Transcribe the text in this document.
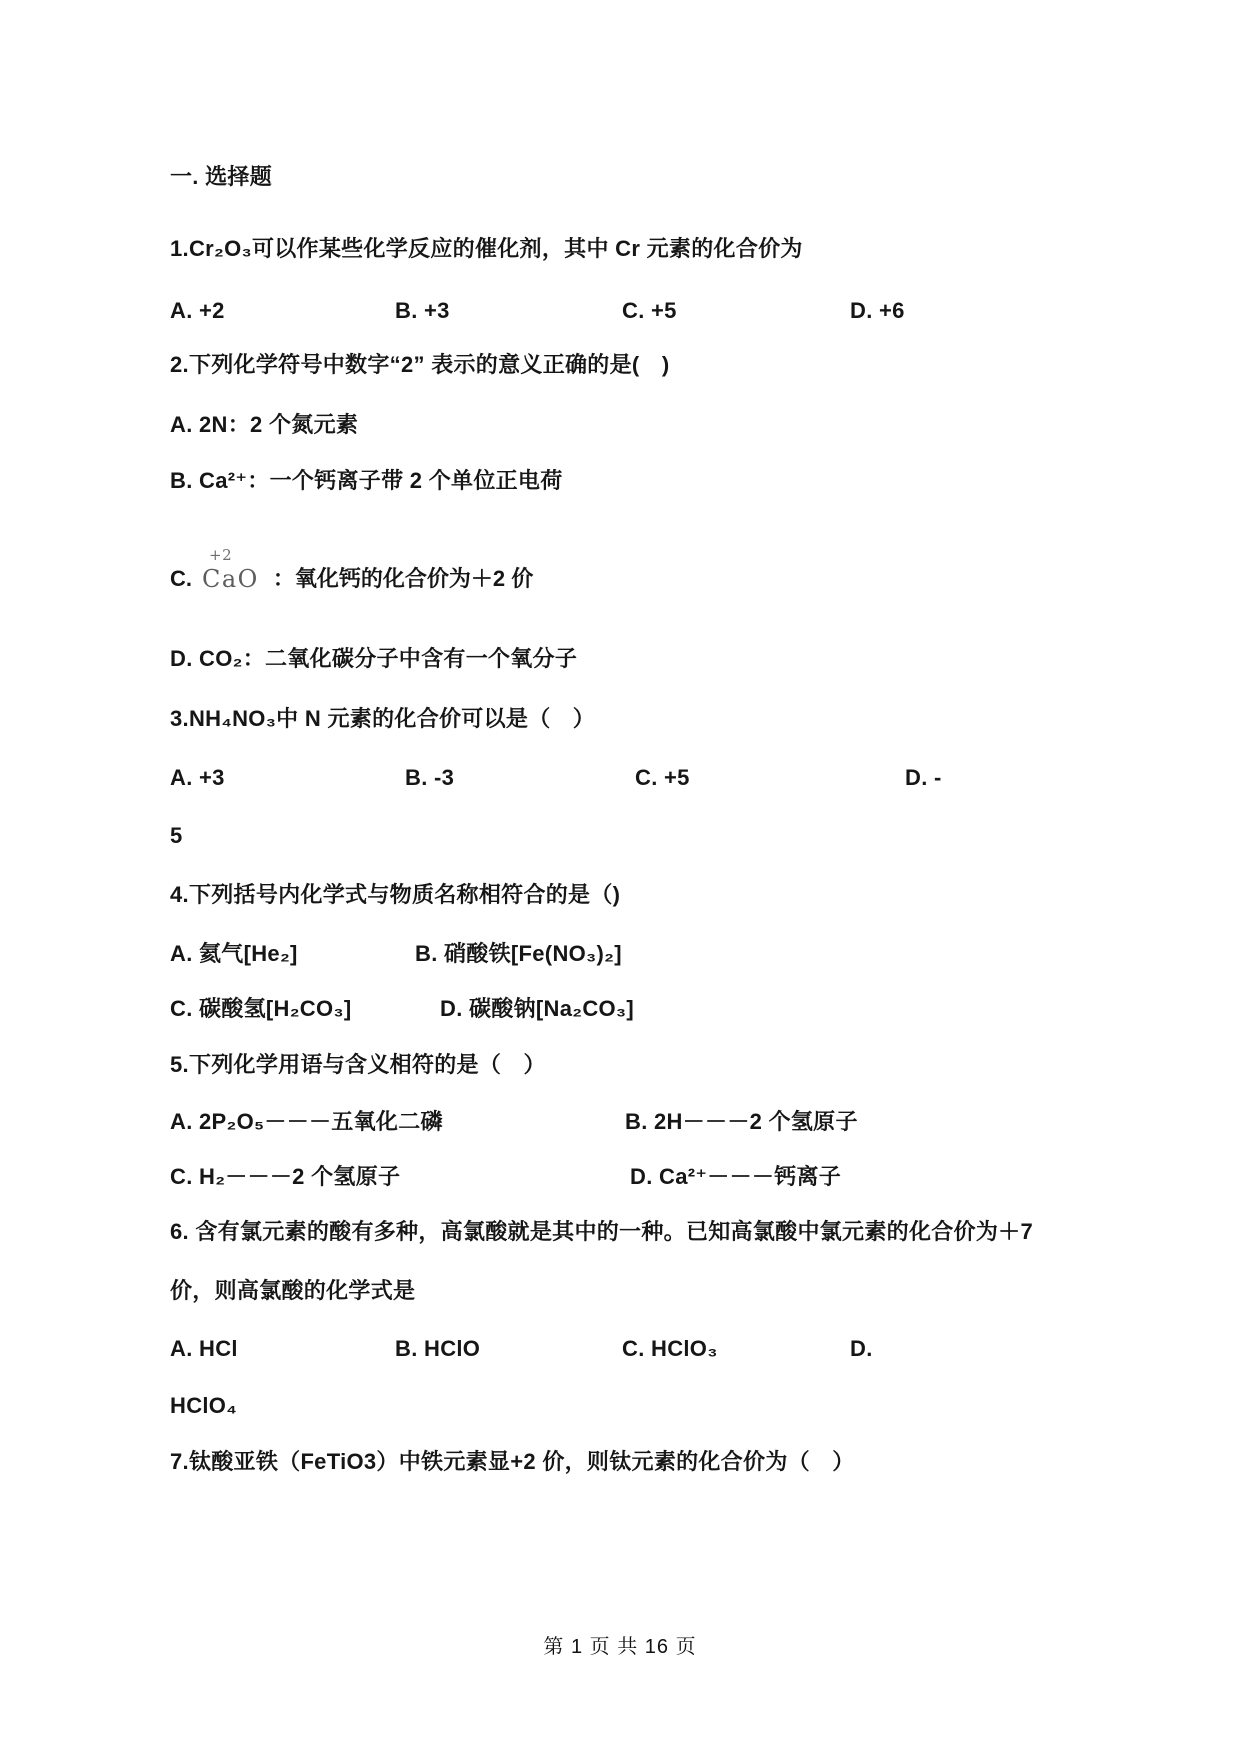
一. 选择题

1.Cr₂O₃可以作某些化学反应的催化剂，其中 Cr 元素的化合价为

A. +2	B. +3	C. +5	D. +6

2.下列化学符号中数字“2” 表示的意义正确的是(　)

A. 2N：2 个氮元素

B. Ca²⁺：一个钙离子带 2 个单位正电荷

C.
+2
CaO ：氧化钙的化合价为＋2 价

D. CO₂：二氧化碳分子中含有一个氧分子

3.NH₄NO₃中 N 元素的化合价可以是（　）

A. +3	B. -3	C. +5	D. -

5

4.下列括号内化学式与物质名称相符合的是（)

A. 氦气[He₂]	B. 硝酸铁[Fe(NO₃)₂]
C. 碳酸氢[H₂CO₃]	D. 碳酸钠[Na₂CO₃]

5.下列化学用语与含义相符的是（　）

A. 2P₂O₅－－－五氧化二磷	B. 2H－－－2 个氢原子
C. H₂－－－2 个氢原子	D. Ca²⁺－－－钙离子

6. 含有氯元素的酸有多种，高氯酸就是其中的一种。已知高氯酸中氯元素的化合价为＋7

价，则高氯酸的化学式是

A. HCl	B. HClO	C. HClO₃	D.

HClO₄

7.钛酸亚铁（FeTiO3）中铁元素显+2 价，则钛元素的化合价为（　）

第 1 页 共 16 页
